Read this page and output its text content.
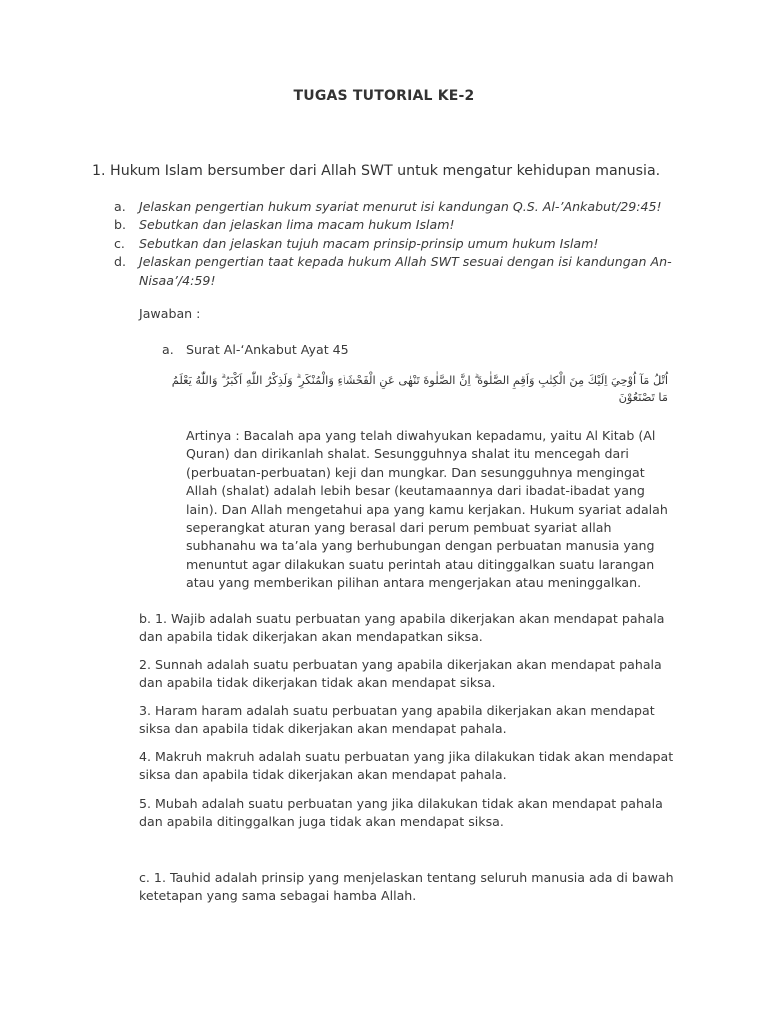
TUGAS TUTORIAL KE-2
1. Hukum Islam bersumber dari Allah SWT untuk mengatur kehidupan manusia.
a.	Jelaskan pengertian hukum syariat menurut isi kandungan Q.S. Al-’Ankabut/29:45!
b.	Sebutkan dan jelaskan lima macam hukum Islam!
c.	Sebutkan dan jelaskan tujuh macam prinsip-prinsip umum hukum Islam!
d.	Jelaskan pengertian taat kepada hukum Allah SWT sesuai dengan isi kandungan An-Nisaa’/4:59!
Jawaban :
a. Surat Al-‘Ankabut Ayat 45
اُتْلُ مَآ اُوْحِيَ اِلَيْكَ مِنَ الْكِتٰبِ وَاَقِمِ الصَّلٰوةَ ۗ اِنَّ الصَّلٰوةَ تَنْهٰى عَنِ الْفَحْشَاۤءِ وَالْمُنْكَرِ ۗ وَلَذِكْرُ اللّٰهِ اَكْبَرُ ۗ وَاللّٰهُ يَعْلَمُ مَا تَصْنَعُوْنَ
Artinya : Bacalah apa yang telah diwahyukan kepadamu, yaitu Al Kitab (Al Quran) dan dirikanlah shalat. Sesungguhnya shalat itu mencegah dari (perbuatan-perbuatan) keji dan mungkar. Dan sesungguhnya mengingat Allah (shalat) adalah lebih besar (keutamaannya dari ibadat-ibadat yang lain). Dan Allah mengetahui apa yang kamu kerjakan. Hukum syariat adalah seperangkat aturan yang berasal dari perum pembuat syariat allah subhanahu wa ta’ala yang berhubungan dengan perbuatan manusia yang menuntut agar dilakukan suatu perintah atau ditinggalkan suatu larangan atau yang memberikan pilihan antara mengerjakan atau meninggalkan.
b. 1. Wajib adalah suatu perbuatan yang apabila dikerjakan akan mendapat pahala dan apabila tidak dikerjakan akan mendapatkan siksa.
2. Sunnah adalah suatu perbuatan yang apabila dikerjakan akan mendapat pahala dan apabila tidak dikerjakan tidak akan mendapat siksa.
3. Haram haram adalah suatu perbuatan yang apabila dikerjakan akan mendapat siksa dan apabila tidak dikerjakan akan mendapat pahala.
4. Makruh makruh adalah suatu perbuatan yang jika dilakukan tidak akan mendapat siksa dan apabila tidak dikerjakan akan mendapat pahala.
5. Mubah adalah suatu perbuatan yang jika dilakukan tidak akan mendapat pahala dan apabila ditinggalkan juga tidak akan mendapat siksa.
c. 1. Tauhid adalah prinsip yang menjelaskan tentang seluruh manusia ada di bawah ketetapan yang sama sebagai hamba Allah.
